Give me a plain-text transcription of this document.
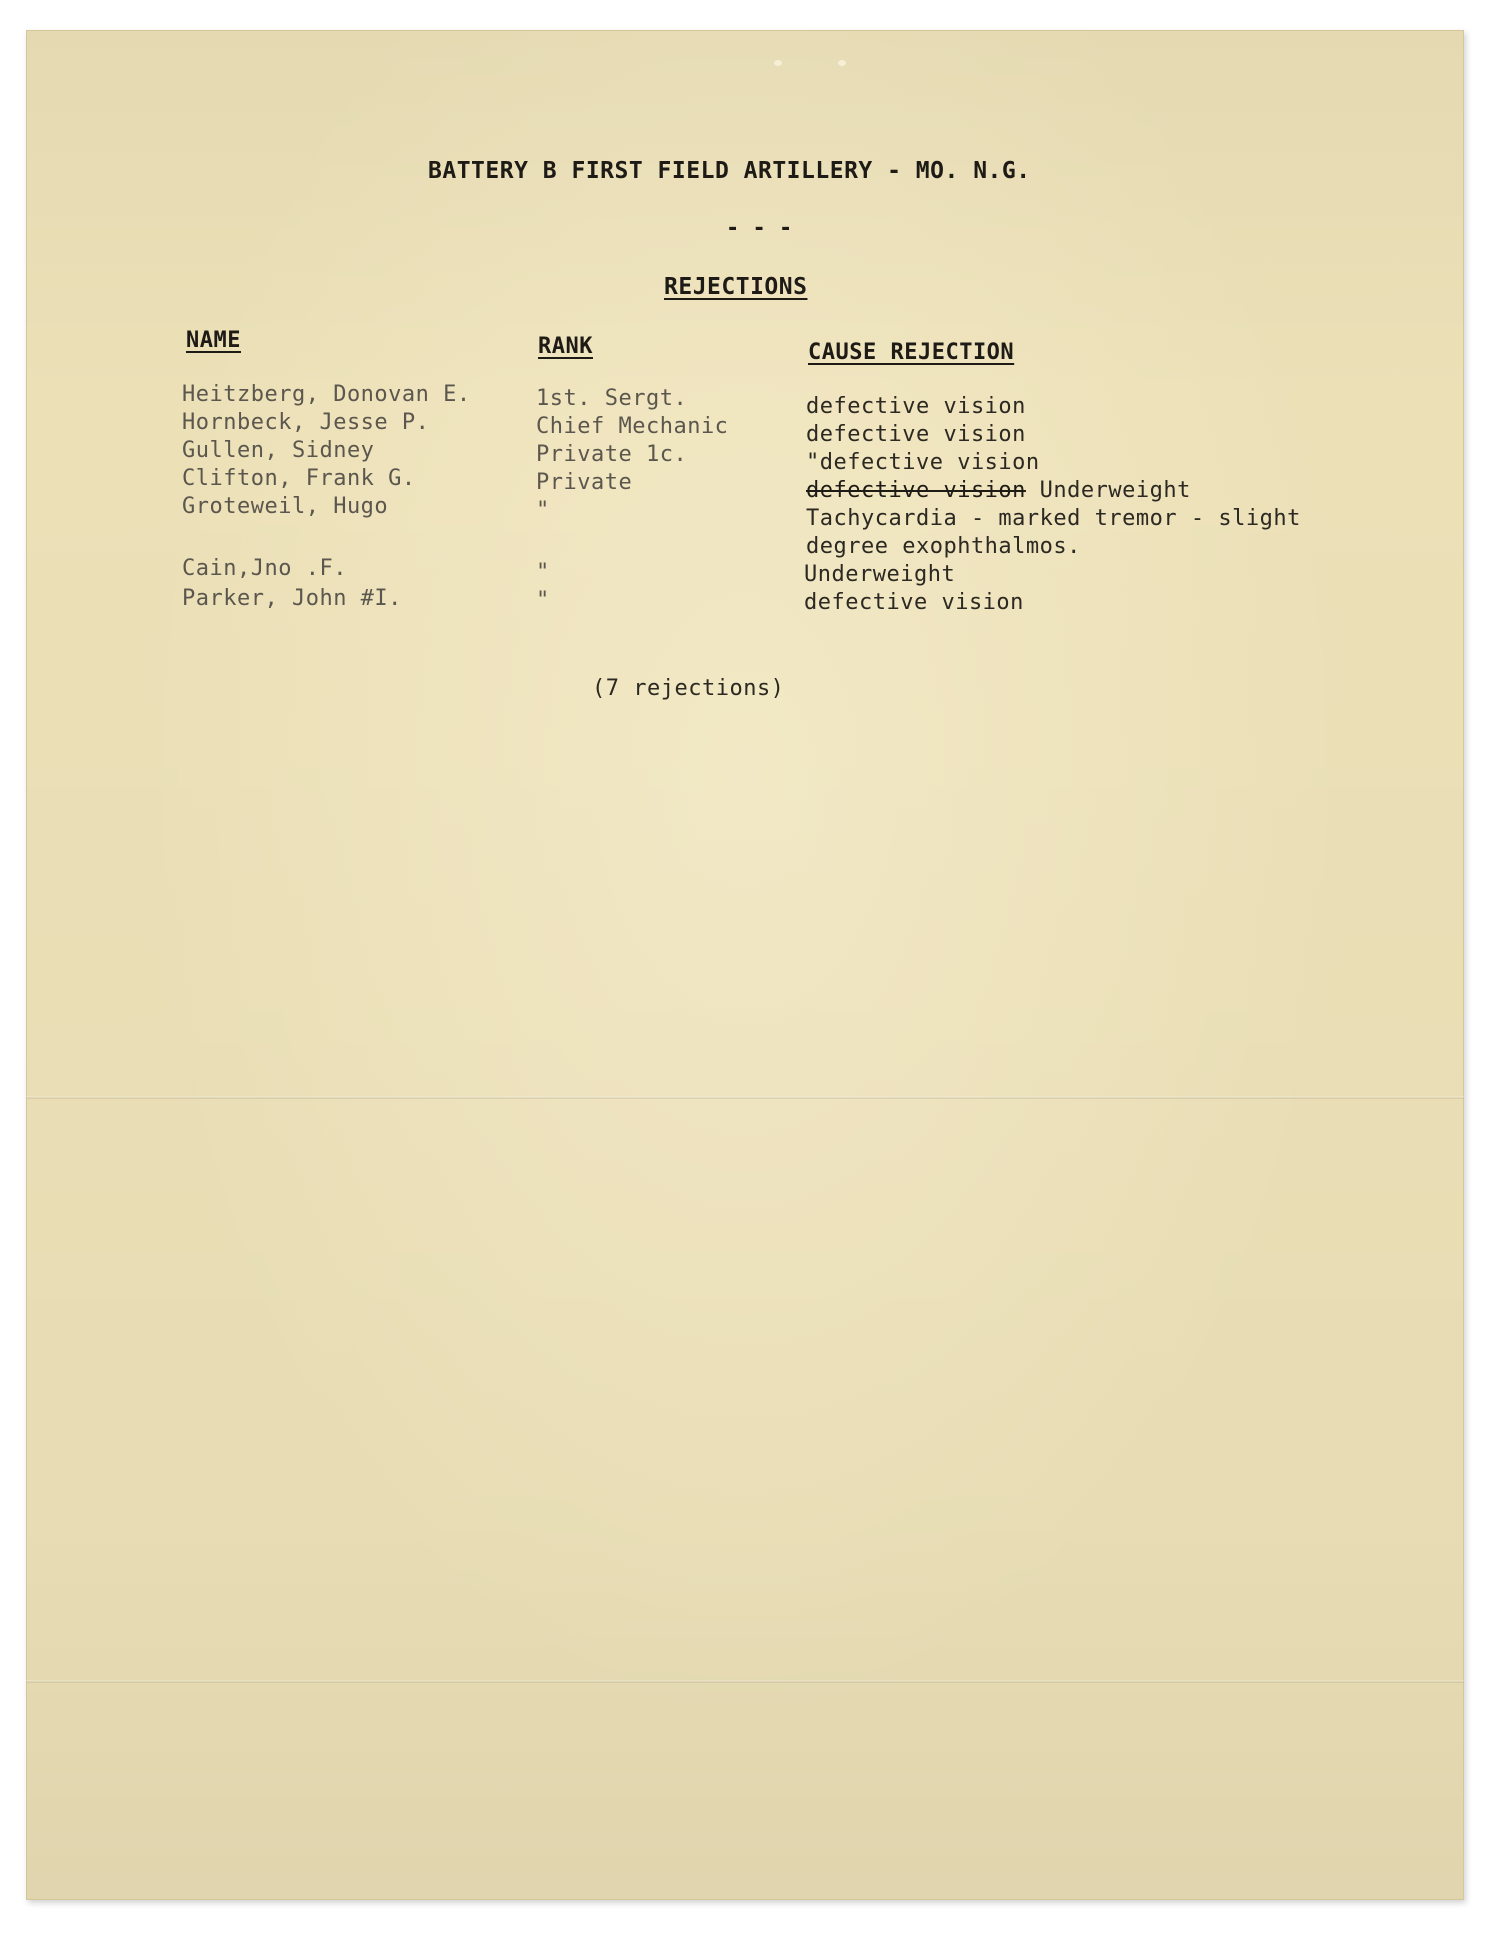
BATTERY B FIRST FIELD ARTILLERY - MO. N.G.
- - -
REJECTIONS
NAME	RANK	CAUSE REJECTION
Heitzberg, Donovan E.
Hornbeck, Jesse P.
Gullen, Sidney
Clifton, Frank G.
Groteweil, Hugo
Cain,Jno .F.
Parker, John #I.
1st. Sergt.
Chief Mechanic
Private 1c.
Private
"
"
"
defective vision
defective vision
"defective vision
defective vision Underweight
Tachycardia - marked tremor - slight
degree exophthalmos.
Underweight
defective vision
(7 rejections)
